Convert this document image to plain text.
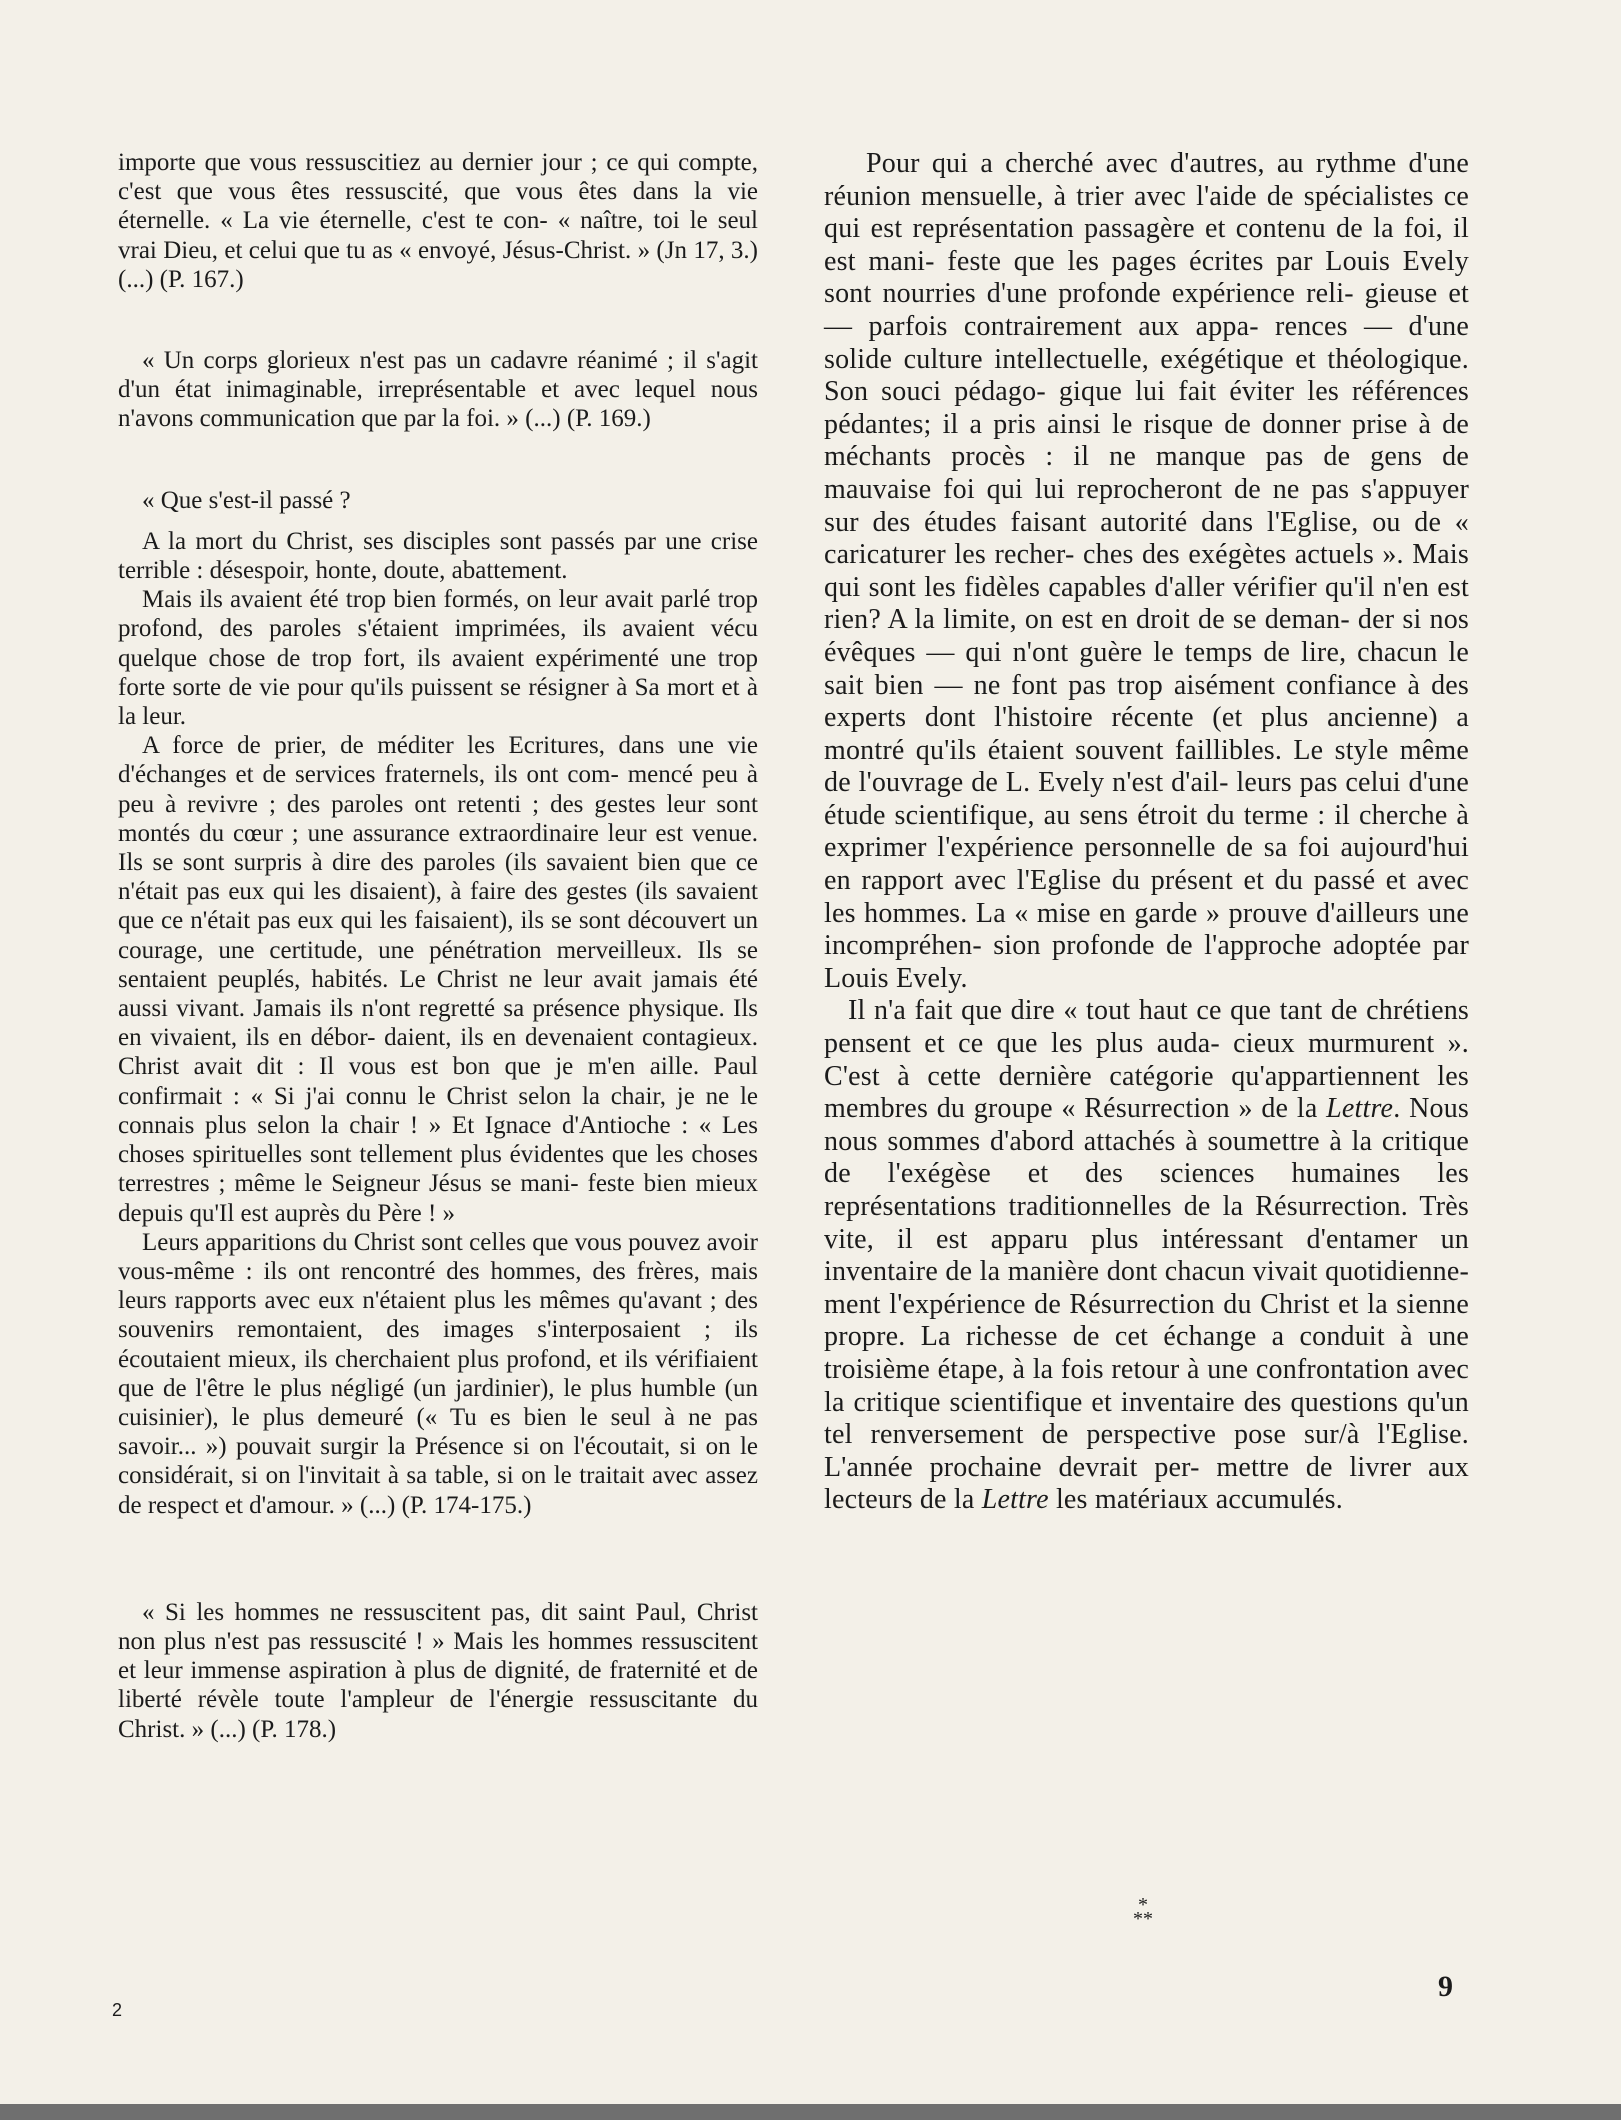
importe que vous ressuscitiez au dernier jour ; ce qui compte, c'est que vous êtes ressuscité, que vous êtes dans la vie éternelle. « La vie éternelle, c'est te con- « naître, toi le seul vrai Dieu, et celui que tu as « envoyé, Jésus-Christ. » (Jn 17, 3.) (...) (P. 167.)

« Un corps glorieux n'est pas un cadavre réanimé ; il s'agit d'un état inimaginable, irreprésentable et avec lequel nous n'avons communication que par la foi. » (...) (P. 169.)

« Que s'est-il passé ?

A la mort du Christ, ses disciples sont passés par une crise terrible : désespoir, honte, doute, abattement.

Mais ils avaient été trop bien formés, on leur avait parlé trop profond, des paroles s'étaient imprimées, ils avaient vécu quelque chose de trop fort, ils avaient expérimenté une trop forte sorte de vie pour qu'ils puissent se résigner à Sa mort et à la leur.

A force de prier, de méditer les Ecritures, dans une vie d'échanges et de services fraternels, ils ont com- mencé peu à peu à revivre ; des paroles ont retenti ; des gestes leur sont montés du cœur ; une assurance extraordinaire leur est venue. Ils se sont surpris à dire des paroles (ils savaient bien que ce n'était pas eux qui les disaient), à faire des gestes (ils savaient que ce n'était pas eux qui les faisaient), ils se sont découvert un courage, une certitude, une pénétration merveilleux. Ils se sentaient peuplés, habités. Le Christ ne leur avait jamais été aussi vivant. Jamais ils n'ont regretté sa présence physique. Ils en vivaient, ils en débor- daient, ils en devenaient contagieux. Christ avait dit : Il vous est bon que je m'en aille. Paul confirmait : « Si j'ai connu le Christ selon la chair, je ne le connais plus selon la chair ! » Et Ignace d'Antioche : « Les choses spirituelles sont tellement plus évidentes que les choses terrestres ; même le Seigneur Jésus se mani- feste bien mieux depuis qu'Il est auprès du Père ! »

Leurs apparitions du Christ sont celles que vous pouvez avoir vous-même : ils ont rencontré des hommes, des frères, mais leurs rapports avec eux n'étaient plus les mêmes qu'avant ; des souvenirs remontaient, des images s'interposaient ; ils écoutaient mieux, ils cherchaient plus profond, et ils vérifiaient que de l'être le plus négligé (un jardinier), le plus humble (un cuisinier), le plus demeuré (« Tu es bien le seul à ne pas savoir... ») pouvait surgir la Présence si on l'écoutait, si on le considérait, si on l'invitait à sa table, si on le traitait avec assez de respect et d'amour. » (...) (P. 174-175.)

« Si les hommes ne ressuscitent pas, dit saint Paul, Christ non plus n'est pas ressuscité ! » Mais les hommes ressuscitent et leur immense aspiration à plus de dignité, de fraternité et de liberté révèle toute l'ampleur de l'énergie ressuscitante du Christ. » (...) (P. 178.)

Pour qui a cherché avec d'autres, au rythme d'une réunion mensuelle, à trier avec l'aide de spécialistes ce qui est représentation passagère et contenu de la foi, il est mani- feste que les pages écrites par Louis Evely sont nourries d'une profonde expérience reli- gieuse et — parfois contrairement aux appa- rences — d'une solide culture intellectuelle, exégétique et théologique. Son souci pédago- gique lui fait éviter les références pédantes; il a pris ainsi le risque de donner prise à de méchants procès : il ne manque pas de gens de mauvaise foi qui lui reprocheront de ne pas s'appuyer sur des études faisant autorité dans l'Eglise, ou de « caricaturer les recher- ches des exégètes actuels ». Mais qui sont les fidèles capables d'aller vérifier qu'il n'en est rien? A la limite, on est en droit de se deman- der si nos évêques — qui n'ont guère le temps de lire, chacun le sait bien — ne font pas trop aisément confiance à des experts dont l'histoire récente (et plus ancienne) a montré qu'ils étaient souvent faillibles. Le style même de l'ouvrage de L. Evely n'est d'ail- leurs pas celui d'une étude scientifique, au sens étroit du terme : il cherche à exprimer l'expérience personnelle de sa foi aujourd'hui en rapport avec l'Eglise du présent et du passé et avec les hommes. La « mise en garde » prouve d'ailleurs une incompréhen- sion profonde de l'approche adoptée par Louis Evely.

Il n'a fait que dire « tout haut ce que tant de chrétiens pensent et ce que les plus auda- cieux murmurent ». C'est à cette dernière catégorie qu'appartiennent les membres du groupe « Résurrection » de la Lettre. Nous nous sommes d'abord attachés à soumettre à la critique de l'exégèse et des sciences humaines les représentations traditionnelles de la Résurrection. Très vite, il est apparu plus intéressant d'entamer un inventaire de la manière dont chacun vivait quotidienne- ment l'expérience de Résurrection du Christ et la sienne propre. La richesse de cet échange a conduit à une troisième étape, à la fois retour à une confrontation avec la critique scientifique et inventaire des questions qu'un tel renversement de perspective pose sur/à l'Eglise. L'année prochaine devrait per- mettre de livrer aux lecteurs de la Lettre les matériaux accumulés.

* **
9
2
